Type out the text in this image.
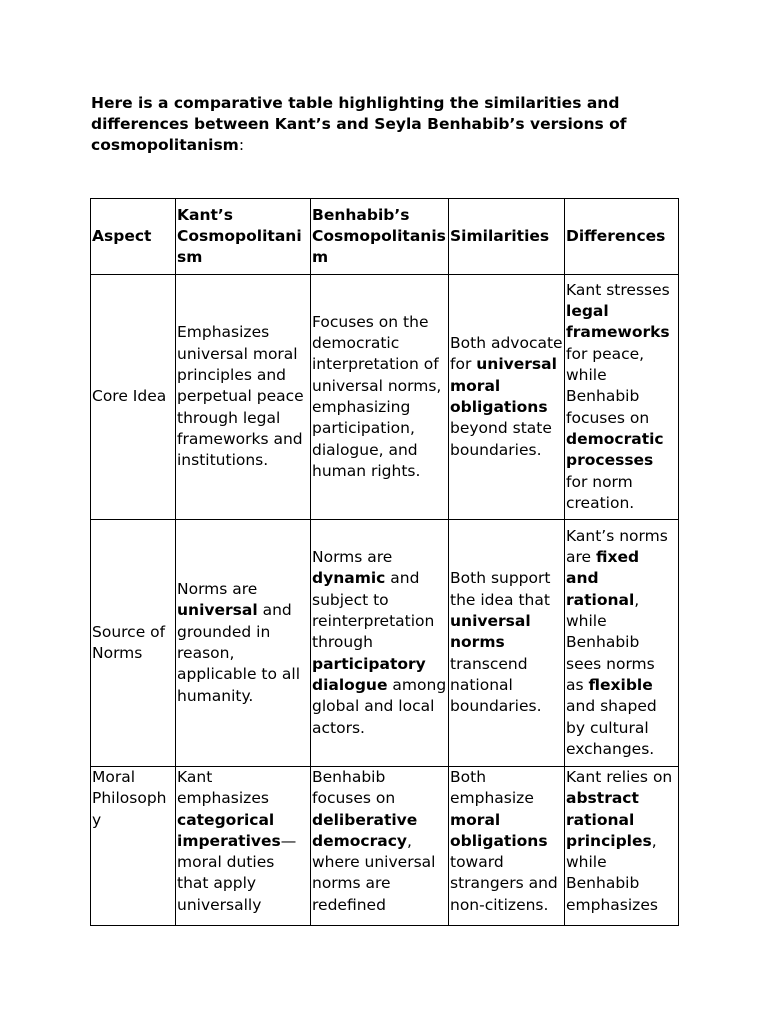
Here is a comparative table highlighting the similarities and differences between Kant’s and Seyla Benhabib’s versions of cosmopolitanism:

Aspect	Kant’s Cosmopolitanism	Benhabib’s Cosmopolitanism	Similarities	Differences
Core Idea	Emphasizes universal moral principles and perpetual peace through legal frameworks and institutions.	Focuses on the democratic interpretation of universal norms, emphasizing participation, dialogue, and human rights.	Both advocate for universal moral obligations beyond state boundaries.	Kant stresses legal frameworks for peace, while Benhabib focuses on democratic processes for norm creation.
Source of Norms	Norms are universal and grounded in reason, applicable to all humanity.	Norms are dynamic and subject to reinterpretation through participatory dialogue among global and local actors.	Both support the idea that universal norms transcend national boundaries.	Kant’s norms are fixed and rational, while Benhabib sees norms as flexible and shaped by cultural exchanges.
Moral Philosophy	Kant emphasizes categorical imperatives—moral duties that apply universally	Benhabib focuses on deliberative democracy, where universal norms are redefined	Both emphasize moral obligations toward strangers and non-citizens.	Kant relies on abstract rational principles, while Benhabib emphasizes
